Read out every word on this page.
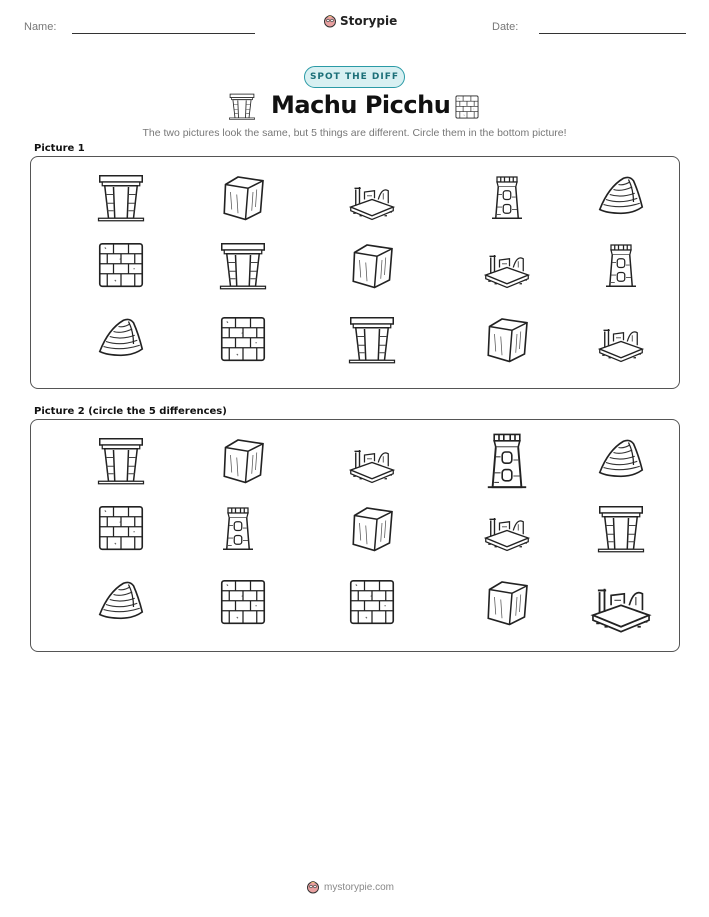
Name:	Storypie	Date:
SPOT THE DIFF
Machu Picchu
The two pictures look the same, but 5 things are different. Circle them in the bottom picture!
Picture 1
Picture 2 (circle the 5 differences)
mystorypie.com
